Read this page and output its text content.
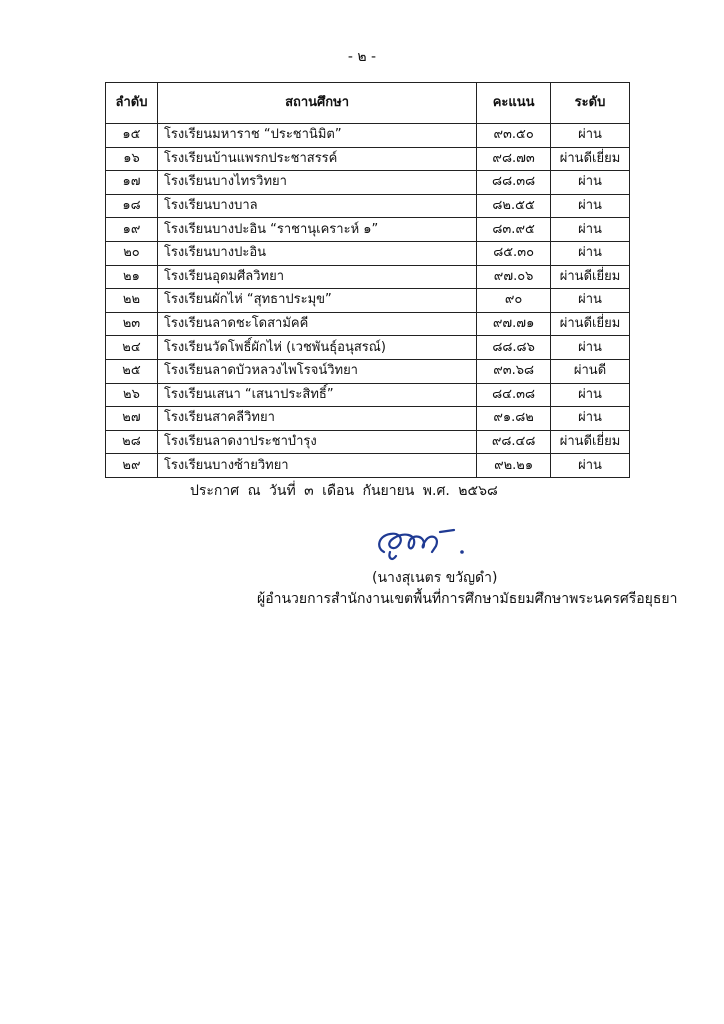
- ๒ -
ลำดับ	สถานศึกษา	คะแนน	ระดับ
๑๕	โรงเรียนมหาราช “ประชานิมิต”	๙๓.๕๐	ผ่าน
๑๖	โรงเรียนบ้านแพรกประชาสรรค์	๙๘.๗๓	ผ่านดีเยี่ยม
๑๗	โรงเรียนบางไทรวิทยา	๘๘.๓๘	ผ่าน
๑๘	โรงเรียนบางบาล	๘๒.๕๕	ผ่าน
๑๙	โรงเรียนบางปะอิน “ราชานุเคราะห์ ๑”	๘๓.๙๕	ผ่าน
๒๐	โรงเรียนบางปะอิน	๘๕.๓๐	ผ่าน
๒๑	โรงเรียนอุดมศีลวิทยา	๙๗.๐๖	ผ่านดีเยี่ยม
๒๒	โรงเรียนผักไห่ “สุทธาประมุข”	๙๐	ผ่าน
๒๓	โรงเรียนลาดชะโดสามัคคี	๙๗.๗๑	ผ่านดีเยี่ยม
๒๔	โรงเรียนวัดโพธิ์ผักไห่ (เวชพันธุ์อนุสรณ์)	๘๘.๘๖	ผ่าน
๒๕	โรงเรียนลาดบัวหลวงไพโรจน์วิทยา	๙๓.๖๘	ผ่านดี
๒๖	โรงเรียนเสนา “เสนาประสิทธิ์”	๘๔.๓๘	ผ่าน
๒๗	โรงเรียนสาคลีวิทยา	๙๑.๘๒	ผ่าน
๒๘	โรงเรียนลาดงาประชาบำรุง	๙๘.๔๘	ผ่านดีเยี่ยม
๒๙	โรงเรียนบางซ้ายวิทยา	๙๒.๒๑	ผ่าน
ประกาศ ณ วันที่ ๓ เดือน กันยายน พ.ศ. ๒๕๖๘
(นางสุเนตร ขวัญดำ)
ผู้อำนวยการสำนักงานเขตพื้นที่การศึกษามัธยมศึกษาพระนครศรีอยุธยา
